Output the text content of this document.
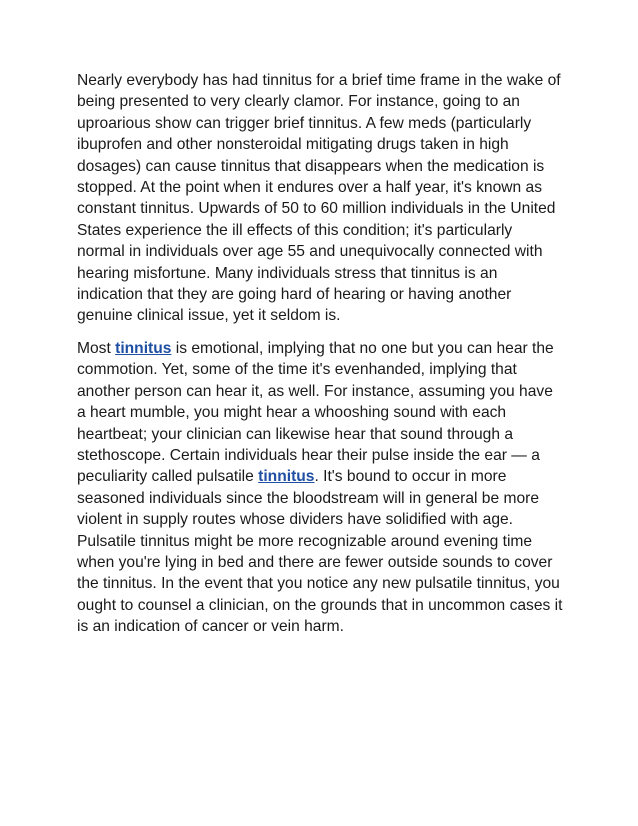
Nearly everybody has had tinnitus for a brief time frame in the wake of being presented to very clearly clamor. For instance, going to an uproarious show can trigger brief tinnitus. A few meds (particularly ibuprofen and other nonsteroidal mitigating drugs taken in high dosages) can cause tinnitus that disappears when the medication is stopped. At the point when it endures over a half year, it's known as constant tinnitus. Upwards of 50 to 60 million individuals in the United States experience the ill effects of this condition; it's particularly normal in individuals over age 55 and unequivocally connected with hearing misfortune. Many individuals stress that tinnitus is an indication that they are going hard of hearing or having another genuine clinical issue, yet it seldom is.

Most tinnitus is emotional, implying that no one but you can hear the commotion. Yet, some of the time it's evenhanded, implying that another person can hear it, as well. For instance, assuming you have a heart mumble, you might hear a whooshing sound with each heartbeat; your clinician can likewise hear that sound through a stethoscope. Certain individuals hear their pulse inside the ear — a peculiarity called pulsatile tinnitus. It's bound to occur in more seasoned individuals since the bloodstream will in general be more violent in supply routes whose dividers have solidified with age. Pulsatile tinnitus might be more recognizable around evening time when you're lying in bed and there are fewer outside sounds to cover the tinnitus. In the event that you notice any new pulsatile tinnitus, you ought to counsel a clinician, on the grounds that in uncommon cases it is an indication of cancer or vein harm.
